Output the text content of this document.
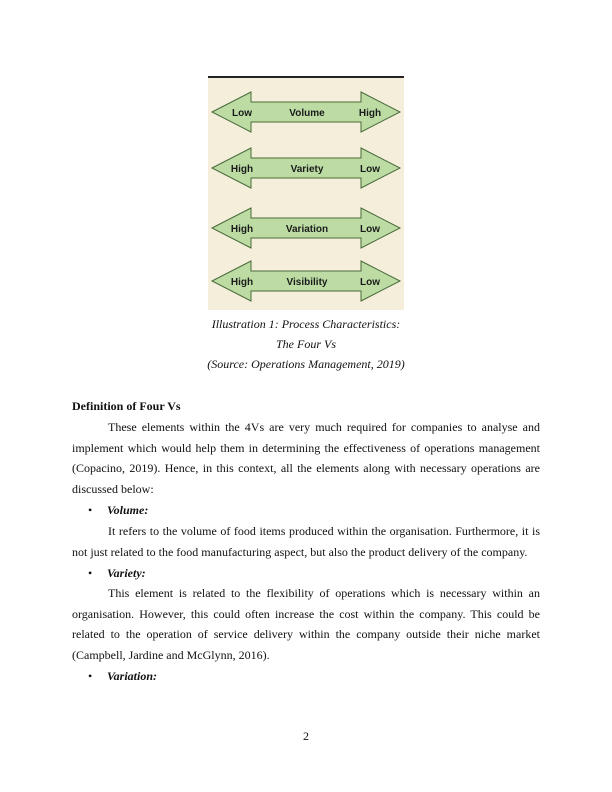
Low	Volume	High
High	Variety	Low
High	Variation	Low
High	Visibility	Low
Illustration 1: Process Characteristics:
The Four Vs
(Source: Operations Management, 2019)
Definition of Four Vs

These elements within the 4Vs are very much required for companies to analyse and implement which would help them in determining the effectiveness of operations management (Copacino, 2019). Hence, in this context, all the elements along with necessary operations are discussed below:

• Volume:

It refers to the volume of food items produced within the organisation. Furthermore, it is not just related to the food manufacturing aspect, but also the product delivery of the company.

• Variety:

This element is related to the flexibility of operations which is necessary within an organisation. However, this could often increase the cost within the company. This could be related to the operation of service delivery within the company outside their niche market (Campbell, Jardine and McGlynn, 2016).

• Variation:
2
